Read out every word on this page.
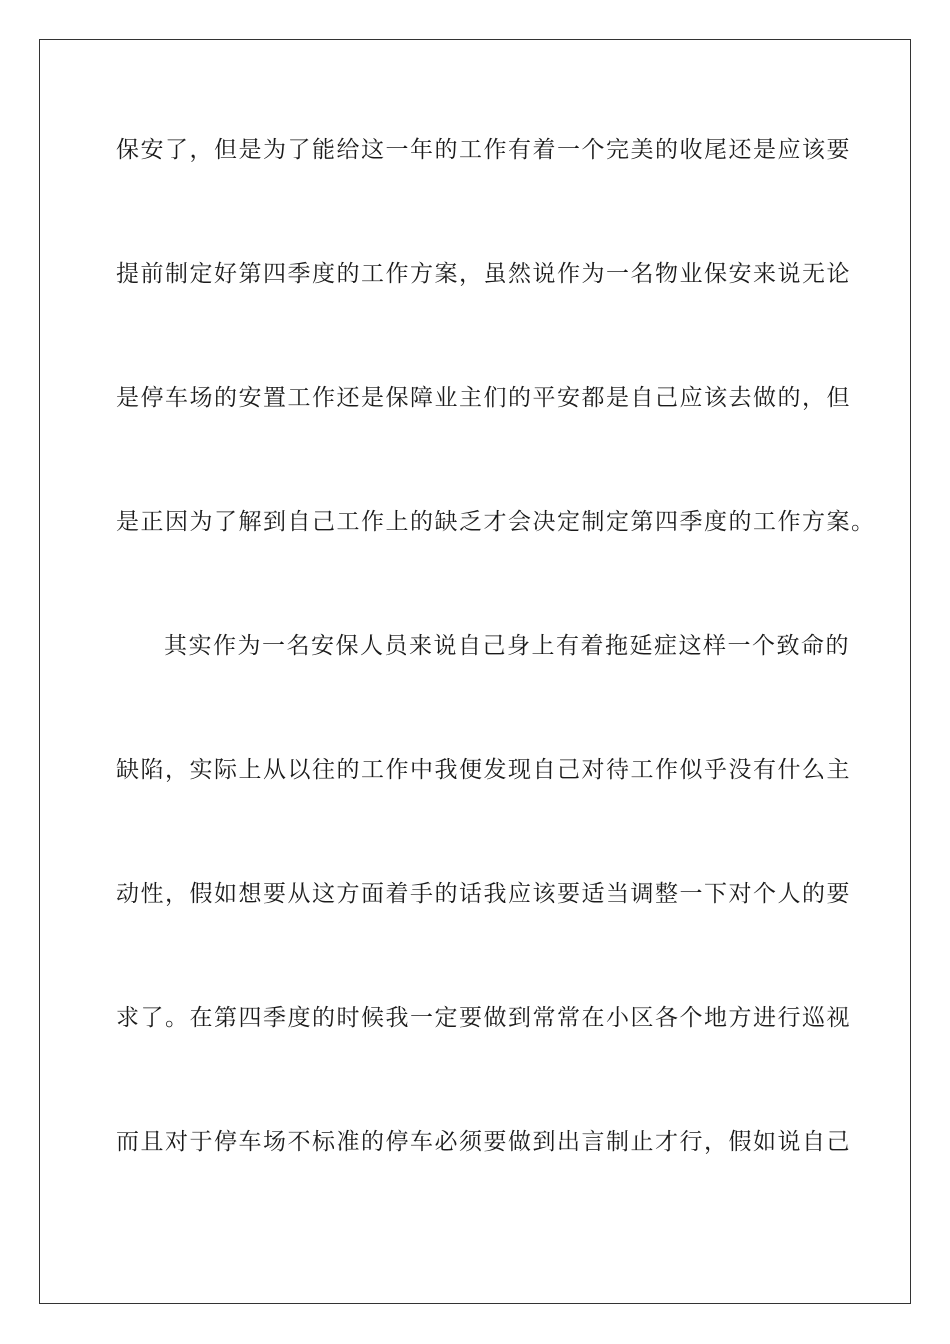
保安了，但是为了能给这一年的工作有着一个完美的收尾还是应该要
提前制定好第四季度的工作方案，虽然说作为一名物业保安来说无论
是停车场的安置工作还是保障业主们的平安都是自己应该去做的，但
是正因为了解到自己工作上的缺乏才会决定制定第四季度的工作方案。
其实作为一名安保人员来说自己身上有着拖延症这样一个致命的
缺陷，实际上从以往的工作中我便发现自己对待工作似乎没有什么主
动性，假如想要从这方面着手的话我应该要适当调整一下对个人的要
求了。在第四季度的时候我一定要做到常常在小区各个地方进行巡视
而且对于停车场不标准的停车必须要做到出言制止才行，假如说自己
